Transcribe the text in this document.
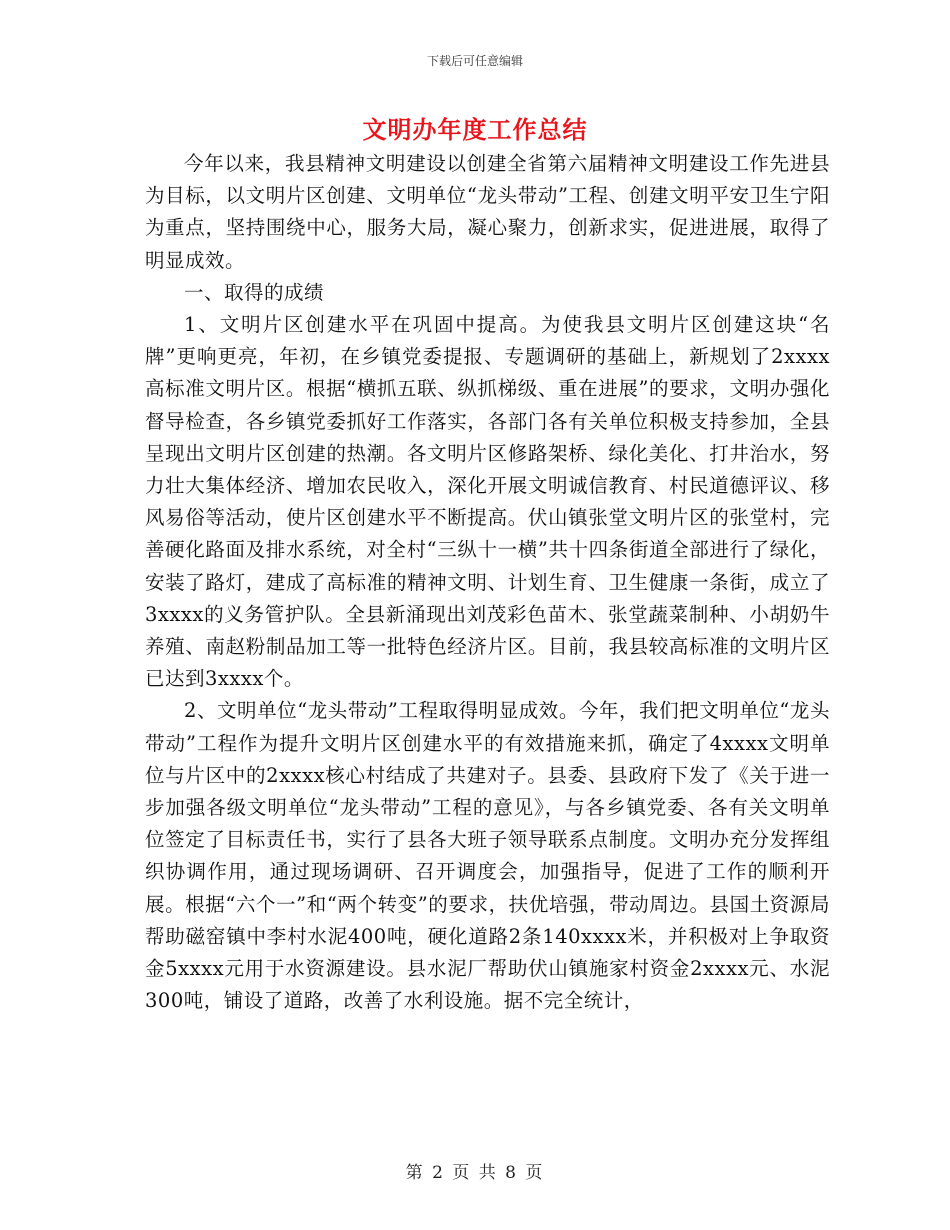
下载后可任意编辑
文明办年度工作总结

今年以来，我县精神文明建设以创建全省第六届精神文明建设工作先进县为目标，以文明片区创建、文明单位“龙头带动”工程、创建文明平安卫生宁阳为重点，坚持围绕中心，服务大局，凝心聚力，创新求实，促进进展，取得了明显成效。

一、取得的成绩

1、文明片区创建水平在巩固中提高。为使我县文明片区创建这块“名牌”更响更亮，年初，在乡镇党委提报、专题调研的基础上，新规划了2xxxx高标准文明片区。根据“横抓五联、纵抓梯级、重在进展”的要求，文明办强化督导检查，各乡镇党委抓好工作落实，各部门各有关单位积极支持参加，全县呈现出文明片区创建的热潮。各文明片区修路架桥、绿化美化、打井治水，努力壮大集体经济、增加农民收入，深化开展文明诚信教育、村民道德评议、移风易俗等活动，使片区创建水平不断提高。伏山镇张堂文明片区的张堂村，完善硬化路面及排水系统，对全村“三纵十一横”共十四条街道全部进行了绿化，安装了路灯，建成了高标准的精神文明、计划生育、卫生健康一条街，成立了3xxxx的义务管护队。全县新涌现出刘茂彩色苗木、张堂蔬菜制种、小胡奶牛养殖、南赵粉制品加工等一批特色经济片区。目前，我县较高标准的文明片区已达到3xxxx个。

2、文明单位“龙头带动”工程取得明显成效。今年，我们把文明单位“龙头带动”工程作为提升文明片区创建水平的有效措施来抓，确定了4xxxx文明单位与片区中的2xxxx核心村结成了共建对子。县委、县政府下发了《关于进一步加强各级文明单位“龙头带动”工程的意见》，与各乡镇党委、各有关文明单位签定了目标责任书，实行了县各大班子领导联系点制度。文明办充分发挥组织协调作用，通过现场调研、召开调度会，加强指导，促进了工作的顺利开展。根据“六个一”和“两个转变”的要求，扶优培强，带动周边。县国土资源局帮助磁窑镇中李村水泥400吨，硬化道路2条140xxxx米，并积极对上争取资金5xxxx元用于水资源建设。县水泥厂帮助伏山镇施家村资金2xxxx元、水泥300吨，铺设了道路，改善了水利设施。据不完全统计，

第 2 页 共 8 页
